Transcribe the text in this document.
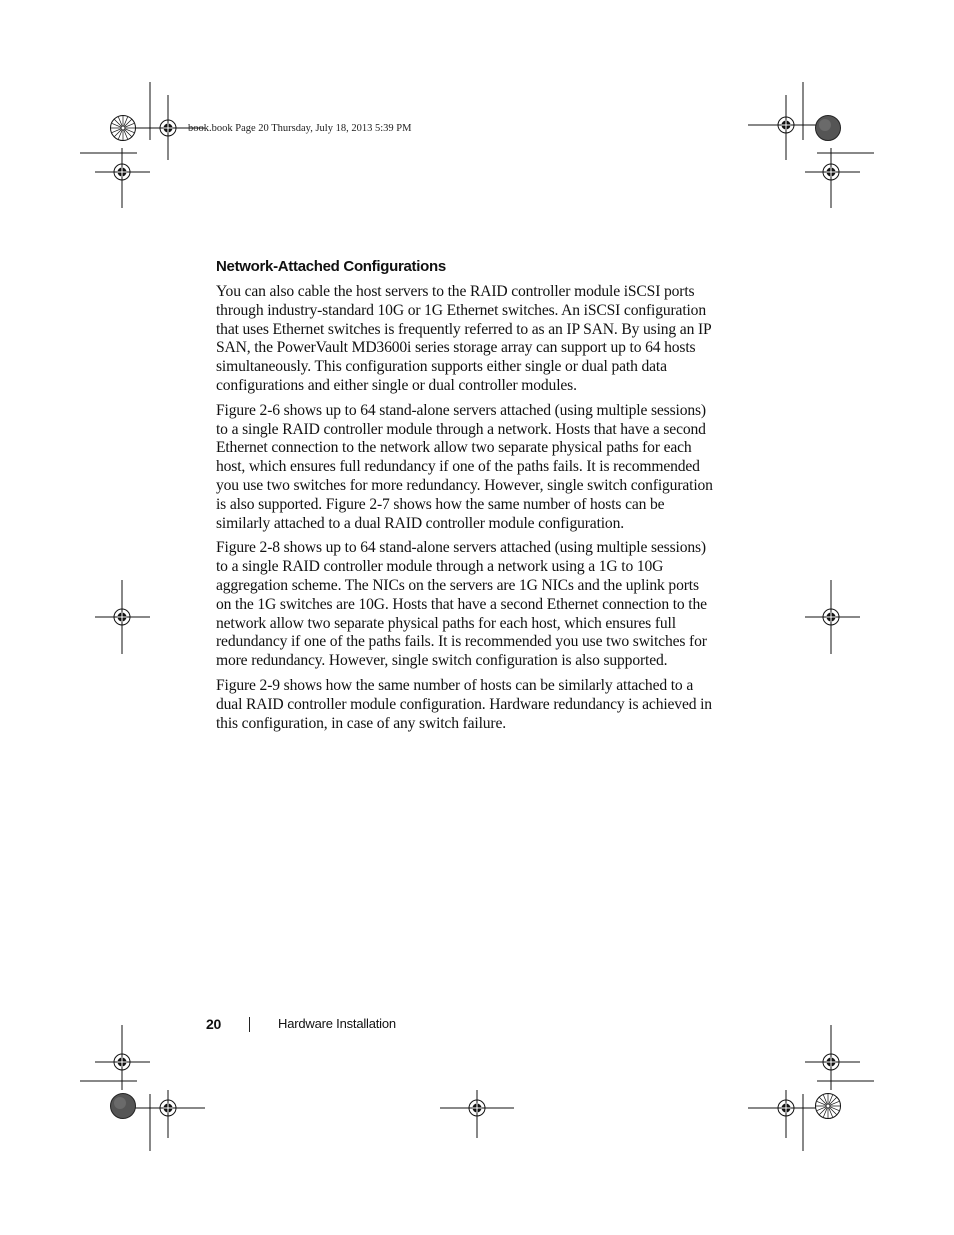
book.book Page 20 Thursday, July 18, 2013 5:39 PM
Network-Attached Configurations

You can also cable the host servers to the RAID controller module iSCSI ports through industry-standard 10G or 1G Ethernet switches. An iSCSI configuration that uses Ethernet switches is frequently referred to as an IP SAN. By using an IP SAN, the PowerVault MD3600i series storage array can support up to 64 hosts simultaneously. This configuration supports either single or dual path data configurations and either single or dual controller modules.

Figure 2-6 shows up to 64 stand-alone servers attached (using multiple sessions) to a single RAID controller module through a network. Hosts that have a second Ethernet connection to the network allow two separate physical paths for each host, which ensures full redundancy if one of the paths fails. It is recommended you use two switches for more redundancy. However, single switch configuration is also supported. Figure 2-7 shows how the same number of hosts can be similarly attached to a dual RAID controller module configuration.

Figure 2-8 shows up to 64 stand-alone servers attached (using multiple sessions) to a single RAID controller module through a network using a 1G to 10G aggregation scheme. The NICs on the servers are 1G NICs and the uplink ports on the 1G switches are 10G. Hosts that have a second Ethernet connection to the network allow two separate physical paths for each host, which ensures full redundancy if one of the paths fails. It is recommended you use two switches for more redundancy. However, single switch configuration is also supported.

Figure 2-9 shows how the same number of hosts can be similarly attached to a dual RAID controller module configuration. Hardware redundancy is achieved in this configuration, in case of any switch failure.

20	Hardware Installation
